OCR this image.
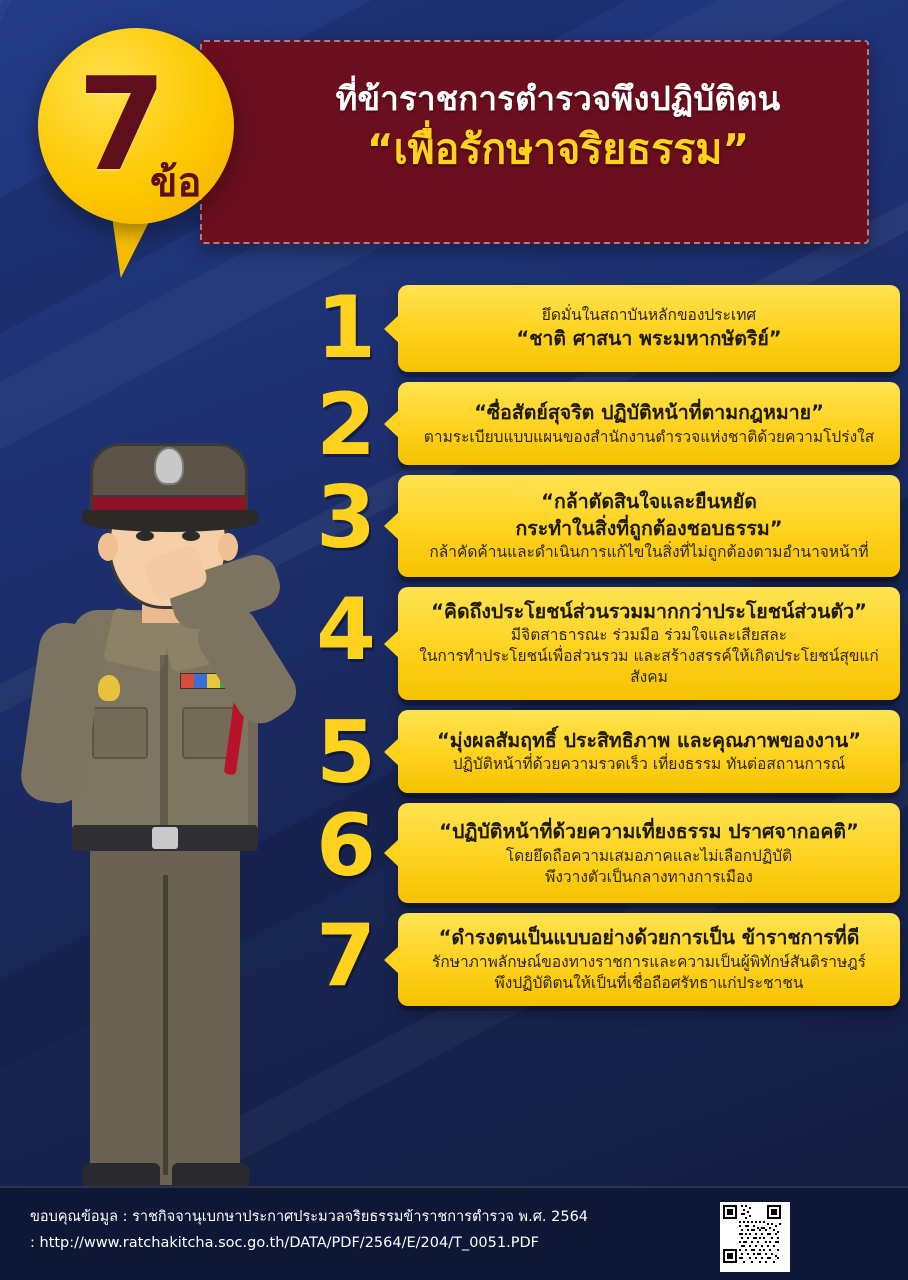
ที่ข้าราชการตำรวจพึงปฏิบัติตน
“เพื่อรักษาจริยธรรม”
7
ข้อ
1	ยึดมั่นในสถาบันหลักของประเทศ
“ชาติ ศาสนา พระมหากษัตริย์”
2	“ซื่อสัตย์สุจริต ปฏิบัติหน้าที่ตามกฎหมาย”
ตามระเบียบแบบแผนของสำนักงานตำรวจแห่งชาติด้วยความโปร่งใส
3	“กล้าตัดสินใจและยืนหยัด
กระทำในสิ่งที่ถูกต้องชอบธรรม”
กล้าคัดค้านและดำเนินการแก้ไขในสิ่งที่ไม่ถูกต้องตามอำนาจหน้าที่
4	“คิดถึงประโยชน์ส่วนรวมมากกว่าประโยชน์ส่วนตัว”
มีจิตสาธารณะ ร่วมมือ ร่วมใจและเสียสละ
ในการทำประโยชน์เพื่อส่วนรวม และสร้างสรรค์ให้เกิดประโยชน์สุขแก่สังคม
5	“มุ่งผลสัมฤทธิ์ ประสิทธิภาพ และคุณภาพของงาน”
ปฏิบัติหน้าที่ด้วยความรวดเร็ว เที่ยงธรรม ทันต่อสถานการณ์
6	“ปฏิบัติหน้าที่ด้วยความเที่ยงธรรม ปราศจากอคติ”
โดยยึดถือความเสมอภาคและไม่เลือกปฏิบัติ
พึงวางตัวเป็นกลางทางการเมือง
7	“ดำรงตนเป็นแบบอย่างด้วยการเป็น ข้าราชการที่ดี
รักษาภาพลักษณ์ของทางราชการและความเป็นผู้พิทักษ์สันติราษฎร์
พึงปฏิบัติตนให้เป็นที่เชื่อถือศรัทธาแก่ประชาชน
ขอบคุณข้อมูล : ราชกิจจานุเบกษาประกาศประมวลจริยธรรมข้าราชการตำรวจ พ.ศ. 2564
: http://www.ratchakitcha.soc.go.th/DATA/PDF/2564/E/204/T_0051.PDF
